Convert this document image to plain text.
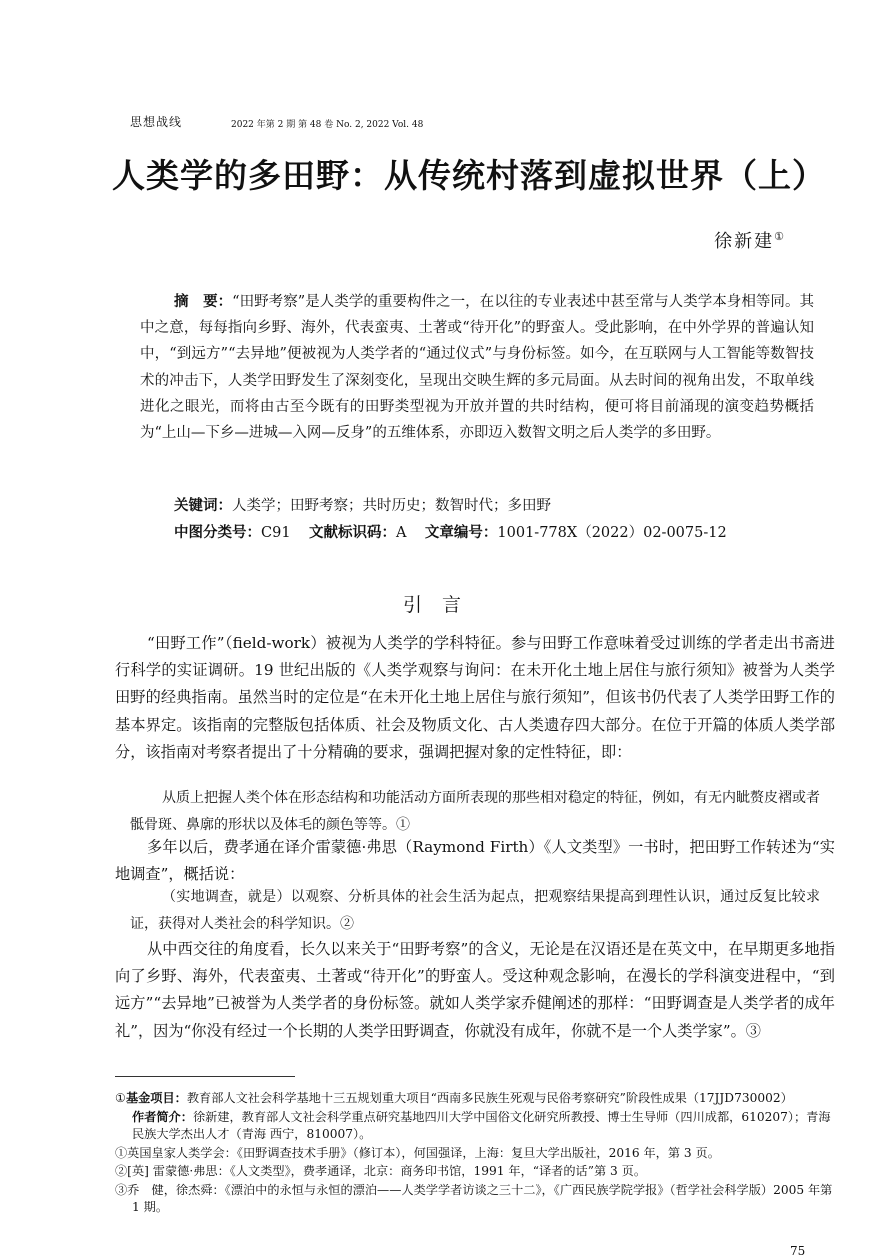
思想战线	2022 年第 2 期 第 48 卷 No. 2, 2022 Vol. 48
人类学的多田野：从传统村落到虚拟世界（上）
徐新建①

摘　要：“田野考察”是人类学的重要构件之一，在以往的专业表述中甚至常与人类学本身相等同。其中之意，每每指向乡野、海外，代表蛮夷、土著或“待开化”的野蛮人。受此影响，在中外学界的普遍认知中，“到远方”“去异地”便被视为人类学者的“通过仪式”与身份标签。如今，在互联网与人工智能等数智技术的冲击下，人类学田野发生了深刻变化，呈现出交映生辉的多元局面。从去时间的视角出发，不取单线进化之眼光，而将由古至今既有的田野类型视为开放并置的共时结构，便可将目前涌现的演变趋势概括为“上山—下乡—进城—入网—反身”的五维体系，亦即迈入数智文明之后人类学的多田野。

关键词：人类学；田野考察；共时历史；数智时代；多田野
中图分类号：C91 文献标识码：A 文章编号：1001-778X（2022）02-0075-12
引言

“田野工作”（field-work）被视为人类学的学科特征。参与田野工作意味着受过训练的学者走出书斋进行科学的实证调研。19 世纪出版的《人类学观察与询问：在未开化土地上居住与旅行须知》被誉为人类学田野的经典指南。虽然当时的定位是“在未开化土地上居住与旅行须知”，但该书仍代表了人类学田野工作的基本界定。该指南的完整版包括体质、社会及物质文化、古人类遗存四大部分。在位于开篇的体质人类学部分，该指南对考察者提出了十分精确的要求，强调把握对象的定性特征，即：

从质上把握人类个体在形态结构和功能活动方面所表现的那些相对稳定的特征，例如，有无内眦赘皮褶或者骶骨斑、鼻廓的形状以及体毛的颜色等等。①

多年以后，费孝通在译介雷蒙德·弗思（Raymond Firth）《人文类型》一书时，把田野工作转述为“实地调查”，概括说：

（实地调查，就是）以观察、分析具体的社会生活为起点，把观察结果提高到理性认识，通过反复比较求证，获得对人类社会的科学知识。②

从中西交往的角度看，长久以来关于“田野考察”的含义，无论是在汉语还是在英文中，在早期更多地指向了乡野、海外，代表蛮夷、土著或“待开化”的野蛮人。受这种观念影响，在漫长的学科演变进程中，“到远方”“去异地”已被誉为人类学者的身份标签。就如人类学家乔健阐述的那样：“田野调查是人类学者的成年礼”，因为“你没有经过一个长期的人类学田野调查，你就没有成年，你就不是一个人类学家”。③

①基金项目：教育部人文社会科学基地十三五规划重大项目“西南多民族生死观与民俗考察研究”阶段性成果（17JJD730002）

作者简介：徐新建，教育部人文社会科学重点研究基地四川大学中国俗文化研究所教授、博士生导师（四川成都，610207）；青海民族大学杰出人才（青海 西宁，810007）。

①英国皇家人类学会：《田野调查技术手册》（修订本），何国强译，上海：复旦大学出版社，2016 年，第 3 页。

②[英] 雷蒙德·弗思：《人文类型》，费孝通译，北京：商务印书馆，1991 年，“译者的话”第 3 页。

③乔　健，徐杰舜：《漂泊中的永恒与永恒的漂泊——人类学学者访谈之三十二》，《广西民族学院学报》（哲学社会科学版）2005 年第 1 期。

75
